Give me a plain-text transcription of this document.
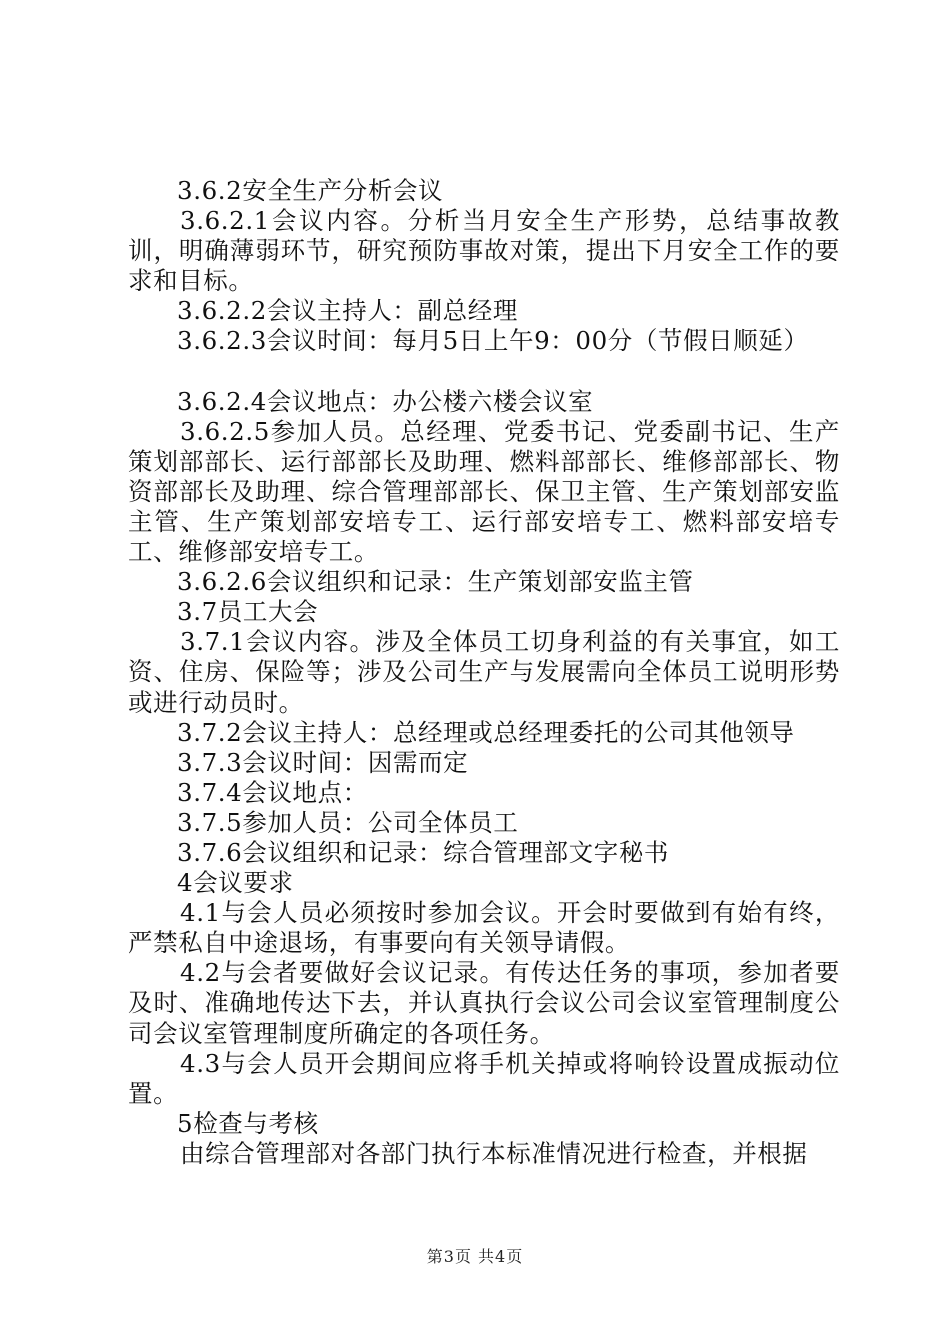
3.6.2安全生产分析会议

3.6.2.1会议内容。分析当月安全生产形势，总结事故教训，明确薄弱环节，研究预防事故对策，提出下月安全工作的要求和目标。

3.6.2.2会议主持人：副总经理

3.6.2.3会议时间：每月5日上午9：00分（节假日顺延）

3.6.2.4会议地点：办公楼六楼会议室

3.6.2.5参加人员。总经理、党委书记、党委副书记、生产策划部部长、运行部部长及助理、燃料部部长、维修部部长、物资部部长及助理、综合管理部部长、保卫主管、生产策划部安监主管、生产策划部安培专工、运行部安培专工、燃料部安培专工、维修部安培专工。

3.6.2.6会议组织和记录：生产策划部安监主管

3.7员工大会

3.7.1会议内容。涉及全体员工切身利益的有关事宜，如工资、住房、保险等；涉及公司生产与发展需向全体员工说明形势或进行动员时。

3.7.2会议主持人：总经理或总经理委托的公司其他领导

3.7.3会议时间：因需而定

3.7.4会议地点：

3.7.5参加人员：公司全体员工

3.7.6会议组织和记录：综合管理部文字秘书

4会议要求

4.1与会人员必须按时参加会议。开会时要做到有始有终，严禁私自中途退场，有事要向有关领导请假。

4.2与会者要做好会议记录。有传达任务的事项，参加者要及时、准确地传达下去，并认真执行会议公司会议室管理制度公司会议室管理制度所确定的各项任务。

4.3与会人员开会期间应将手机关掉或将响铃设置成振动位置。

5检查与考核

由综合管理部对各部门执行本标准情况进行检查，并根据

第3页 共4页
